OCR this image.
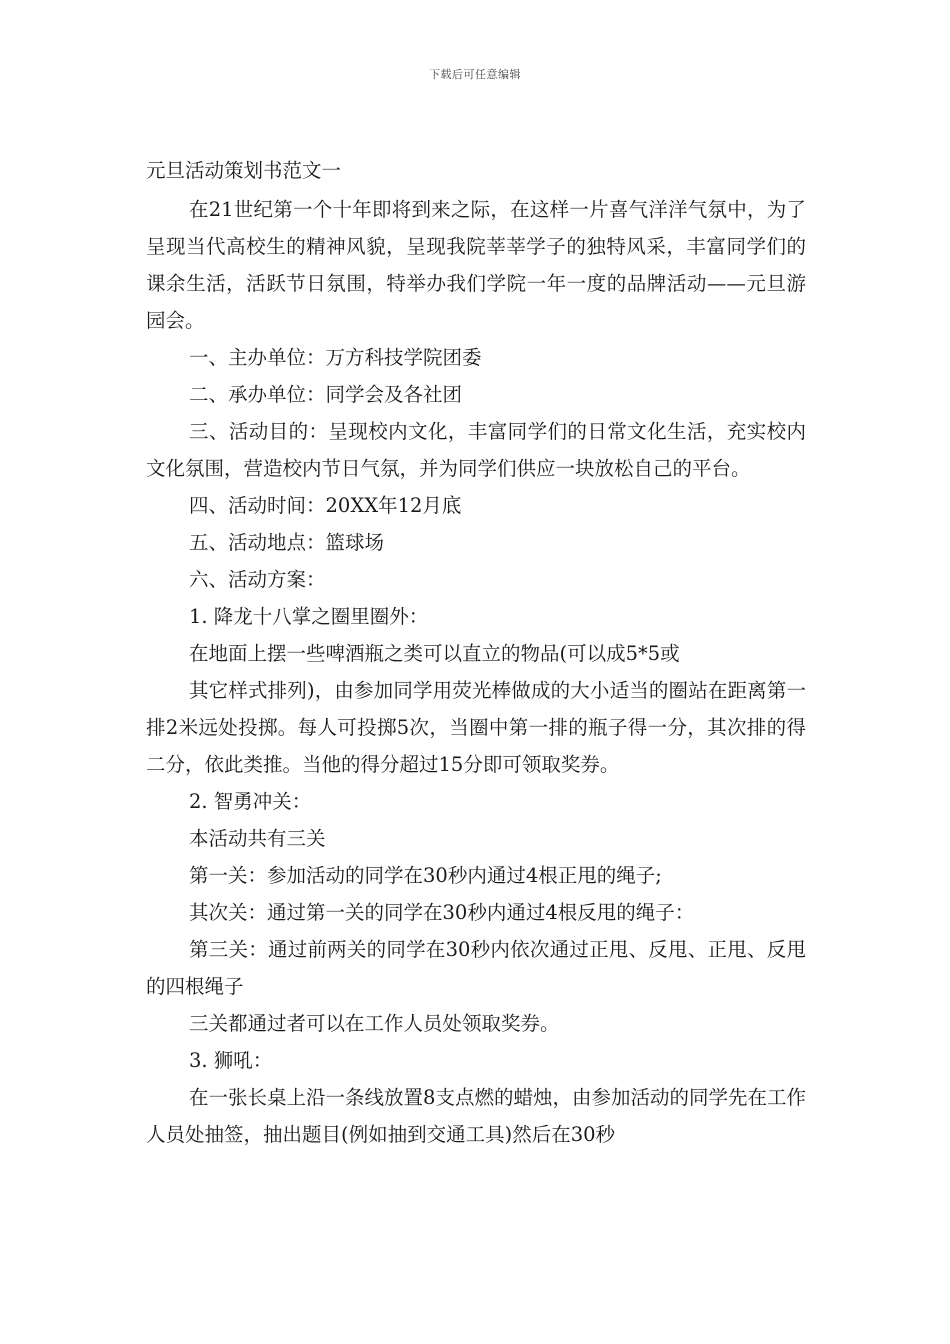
下载后可任意编辑

元旦活动策划书范文一

在21世纪第一个十年即将到来之际，在这样一片喜气洋洋气氛中，为了呈现当代高校生的精神风貌，呈现我院莘莘学子的独特风采，丰富同学们的课余生活，活跃节日氛围，特举办我们学院一年一度的品牌活动——元旦游园会。

一、主办单位：万方科技学院团委

二、承办单位：同学会及各社团

三、活动目的：呈现校内文化，丰富同学们的日常文化生活，充实校内文化氛围，营造校内节日气氛，并为同学们供应一块放松自己的平台。

四、活动时间：20XX年12月底

五、活动地点：篮球场

六、活动方案：

1. 降龙十八掌之圈里圈外：

在地面上摆一些啤酒瓶之类可以直立的物品(可以成5*5或

其它样式排列)，由参加同学用荧光棒做成的大小适当的圈站在距离第一排2米远处投掷。每人可投掷5次，当圈中第一排的瓶子得一分，其次排的得二分，依此类推。当他的得分超过15分即可领取奖券。

2. 智勇冲关：

本活动共有三关

第一关：参加活动的同学在30秒内通过4根正甩的绳子;

其次关：通过第一关的同学在30秒内通过4根反甩的绳子：

第三关：通过前两关的同学在30秒内依次通过正甩、反甩、正甩、反甩的四根绳子

三关都通过者可以在工作人员处领取奖券。

3. 狮吼：

在一张长桌上沿一条线放置8支点燃的蜡烛，由参加活动的同学先在工作人员处抽签，抽出题目(例如抽到交通工具)然后在30秒
